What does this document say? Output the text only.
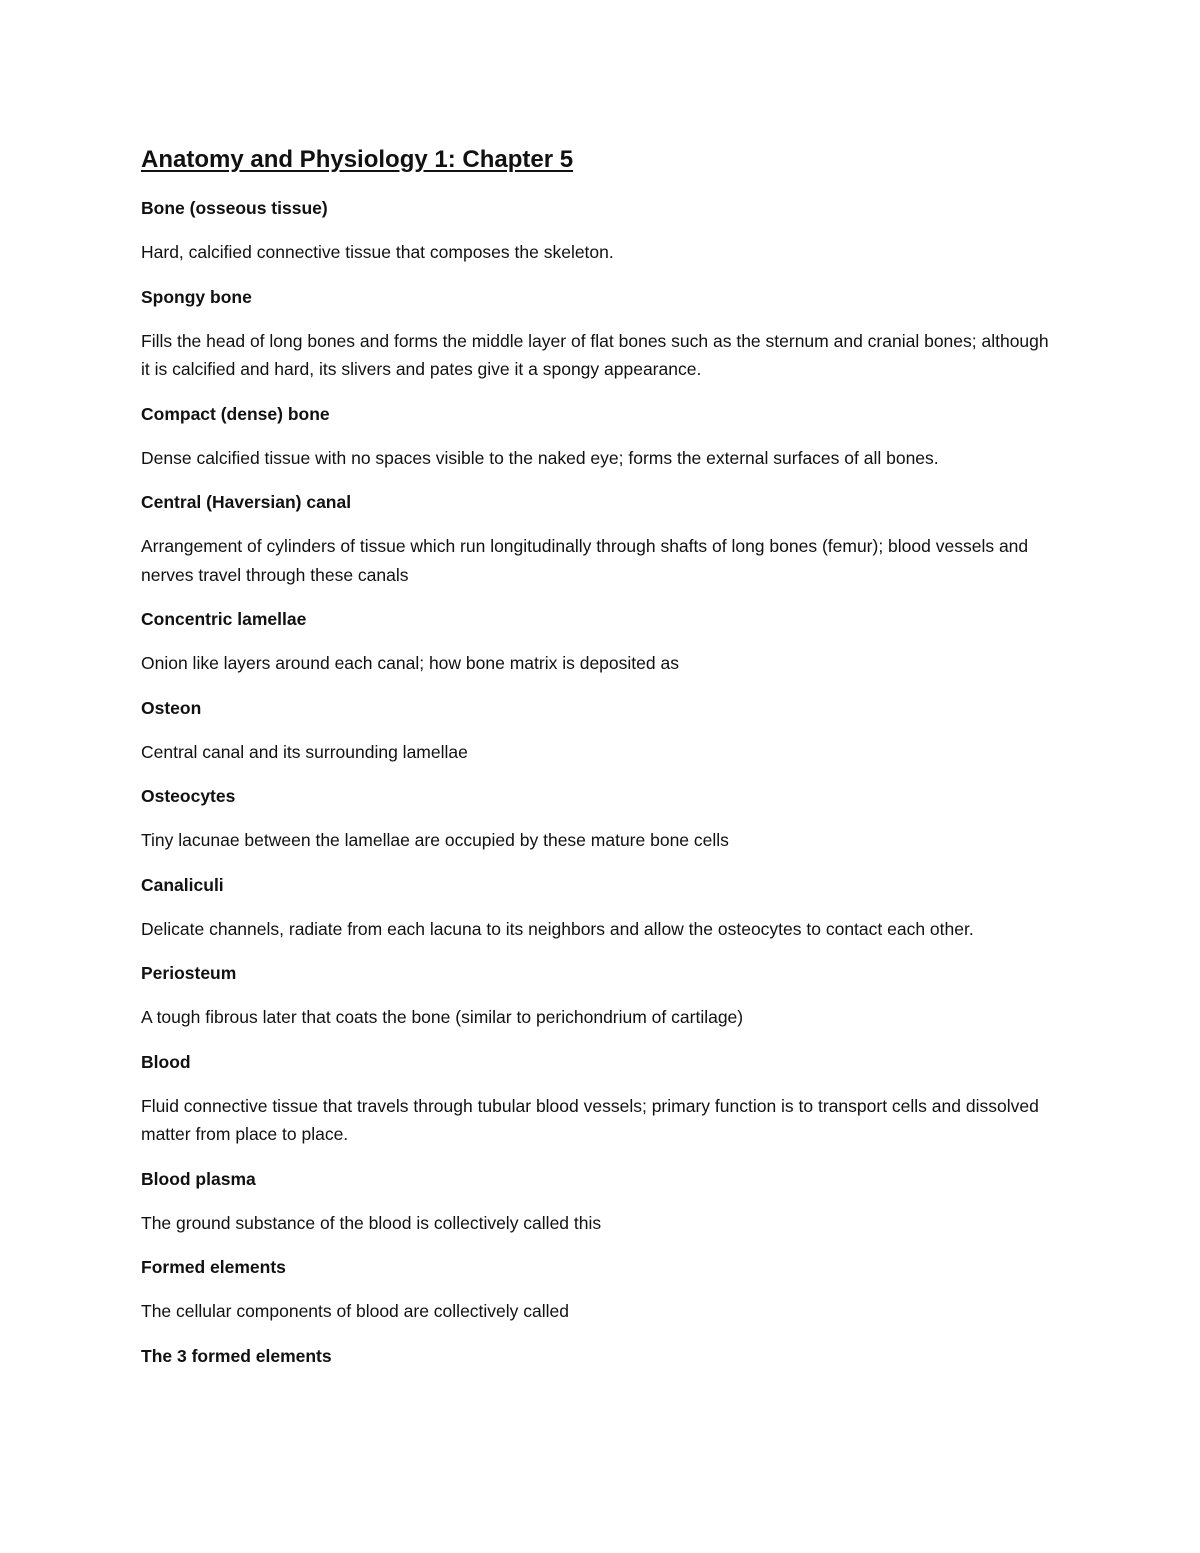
Anatomy and Physiology 1: Chapter 5

Bone (osseous tissue)

Hard, calcified connective tissue that composes the skeleton.

Spongy bone

Fills the head of long bones and forms the middle layer of flat bones such as the sternum and cranial bones; although it is calcified and hard, its slivers and pates give it a spongy appearance.

Compact (dense) bone

Dense calcified tissue with no spaces visible to the naked eye; forms the external surfaces of all bones.

Central (Haversian) canal

Arrangement of cylinders of tissue which run longitudinally through shafts of long bones (femur); blood vessels and nerves travel through these canals

Concentric lamellae

Onion like layers around each canal; how bone matrix is deposited as

Osteon

Central canal and its surrounding lamellae

Osteocytes

Tiny lacunae between the lamellae are occupied by these mature bone cells

Canaliculi

Delicate channels, radiate from each lacuna to its neighbors and allow the osteocytes to contact each other.

Periosteum

A tough fibrous later that coats the bone (similar to perichondrium of cartilage)

Blood

Fluid connective tissue that travels through tubular blood vessels; primary function is to transport cells and dissolved matter from place to place.

Blood plasma

The ground substance of the blood is collectively called this

Formed elements

The cellular components of blood are collectively called

The 3 formed elements
